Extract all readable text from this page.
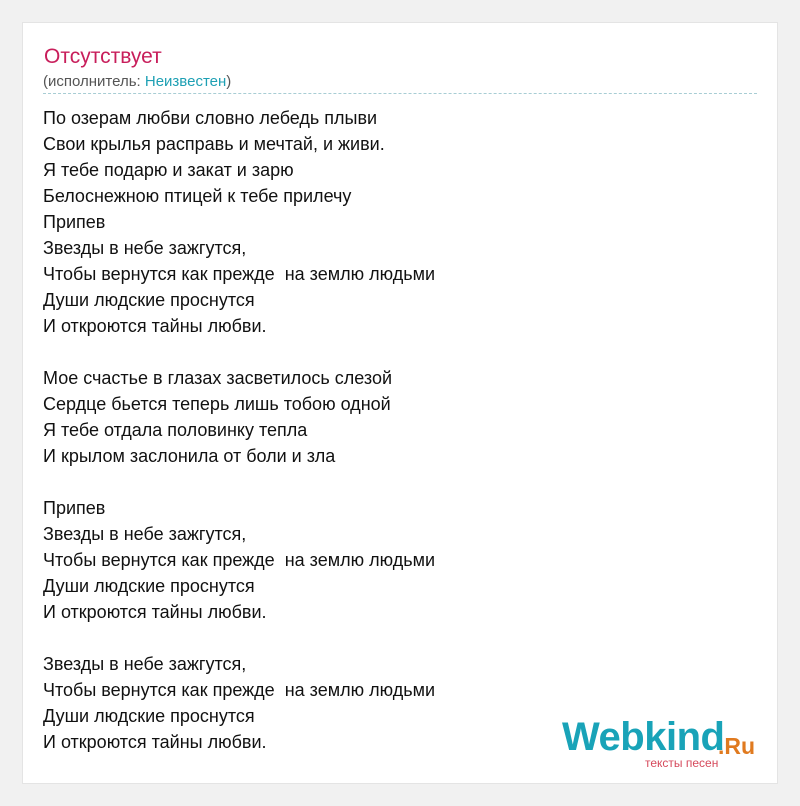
Отсутствует
(исполнитель: Неизвестен)
По озерам любви словно лебедь плыви
Свои крылья расправь и мечтай, и живи.
Я тебе подарю и закат и зарю
Белоснежною птицей к тебе прилечу
Припев
Звезды в небе зажгутся,
Чтобы вернутся как прежде  на землю людьми
Души людские проснутся
И откроются тайны любви.
Мое счастье в глазах засветилось слезой
Сердце бьется теперь лишь тобою одной
Я тебе отдала половинку тепла
И крылом заслонила от боли и зла
Припев
Звезды в небе зажгутся,
Чтобы вернутся как прежде  на землю людьми
Души людские проснутся
И откроются тайны любви.
Звезды в небе зажгутся,
Чтобы вернутся как прежде  на землю людьми
Души людские проснутся
И откроются тайны любви.	Webkind
.Ru
тексты песен
